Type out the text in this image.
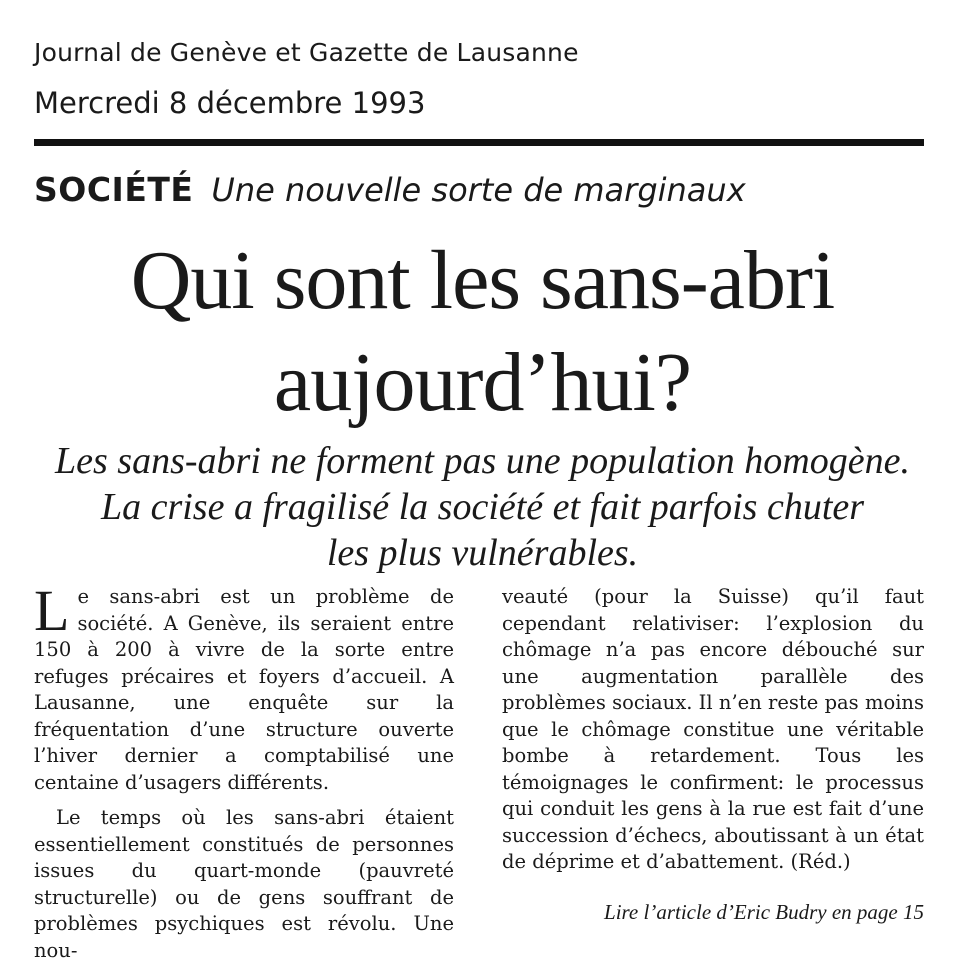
Journal de Genève et Gazette de Lausanne
Mercredi 8 décembre 1993
SOCIÉTÉ Une nouvelle sorte de marginaux
Qui sont les sans-abri
aujourd’hui?
Les sans-abri ne forment pas une population homogène.
La crise a fragilisé la société et fait parfois chuter
les plus vulnérables.

Le sans-abri est un problème de société. A Genève, ils seraient entre 150 à 200 à vivre de la sorte entre refuges précaires et foyers d’accueil. A Lausanne, une enquête sur la fréquentation d’une structure ouverte l’hiver dernier a comptabilisé une centaine d’usagers différents.

Le temps où les sans-abri étaient essentiellement constitués de personnes issues du quart-monde (pauvreté structurelle) ou de gens souffrant de problèmes psychiques est révolu. Une nou-

veauté (pour la Suisse) qu’il faut cependant relativiser: l’explosion du chômage n’a pas encore débouché sur une augmentation parallèle des problèmes sociaux. Il n’en reste pas moins que le chômage constitue une véritable bombe à retardement. Tous les témoignages le confirment: le processus qui conduit les gens à la rue est fait d’une succession d’échecs, aboutissant à un état de déprime et d’abattement. (Réd.)

Lire l’article d’Eric Budry en page 15
